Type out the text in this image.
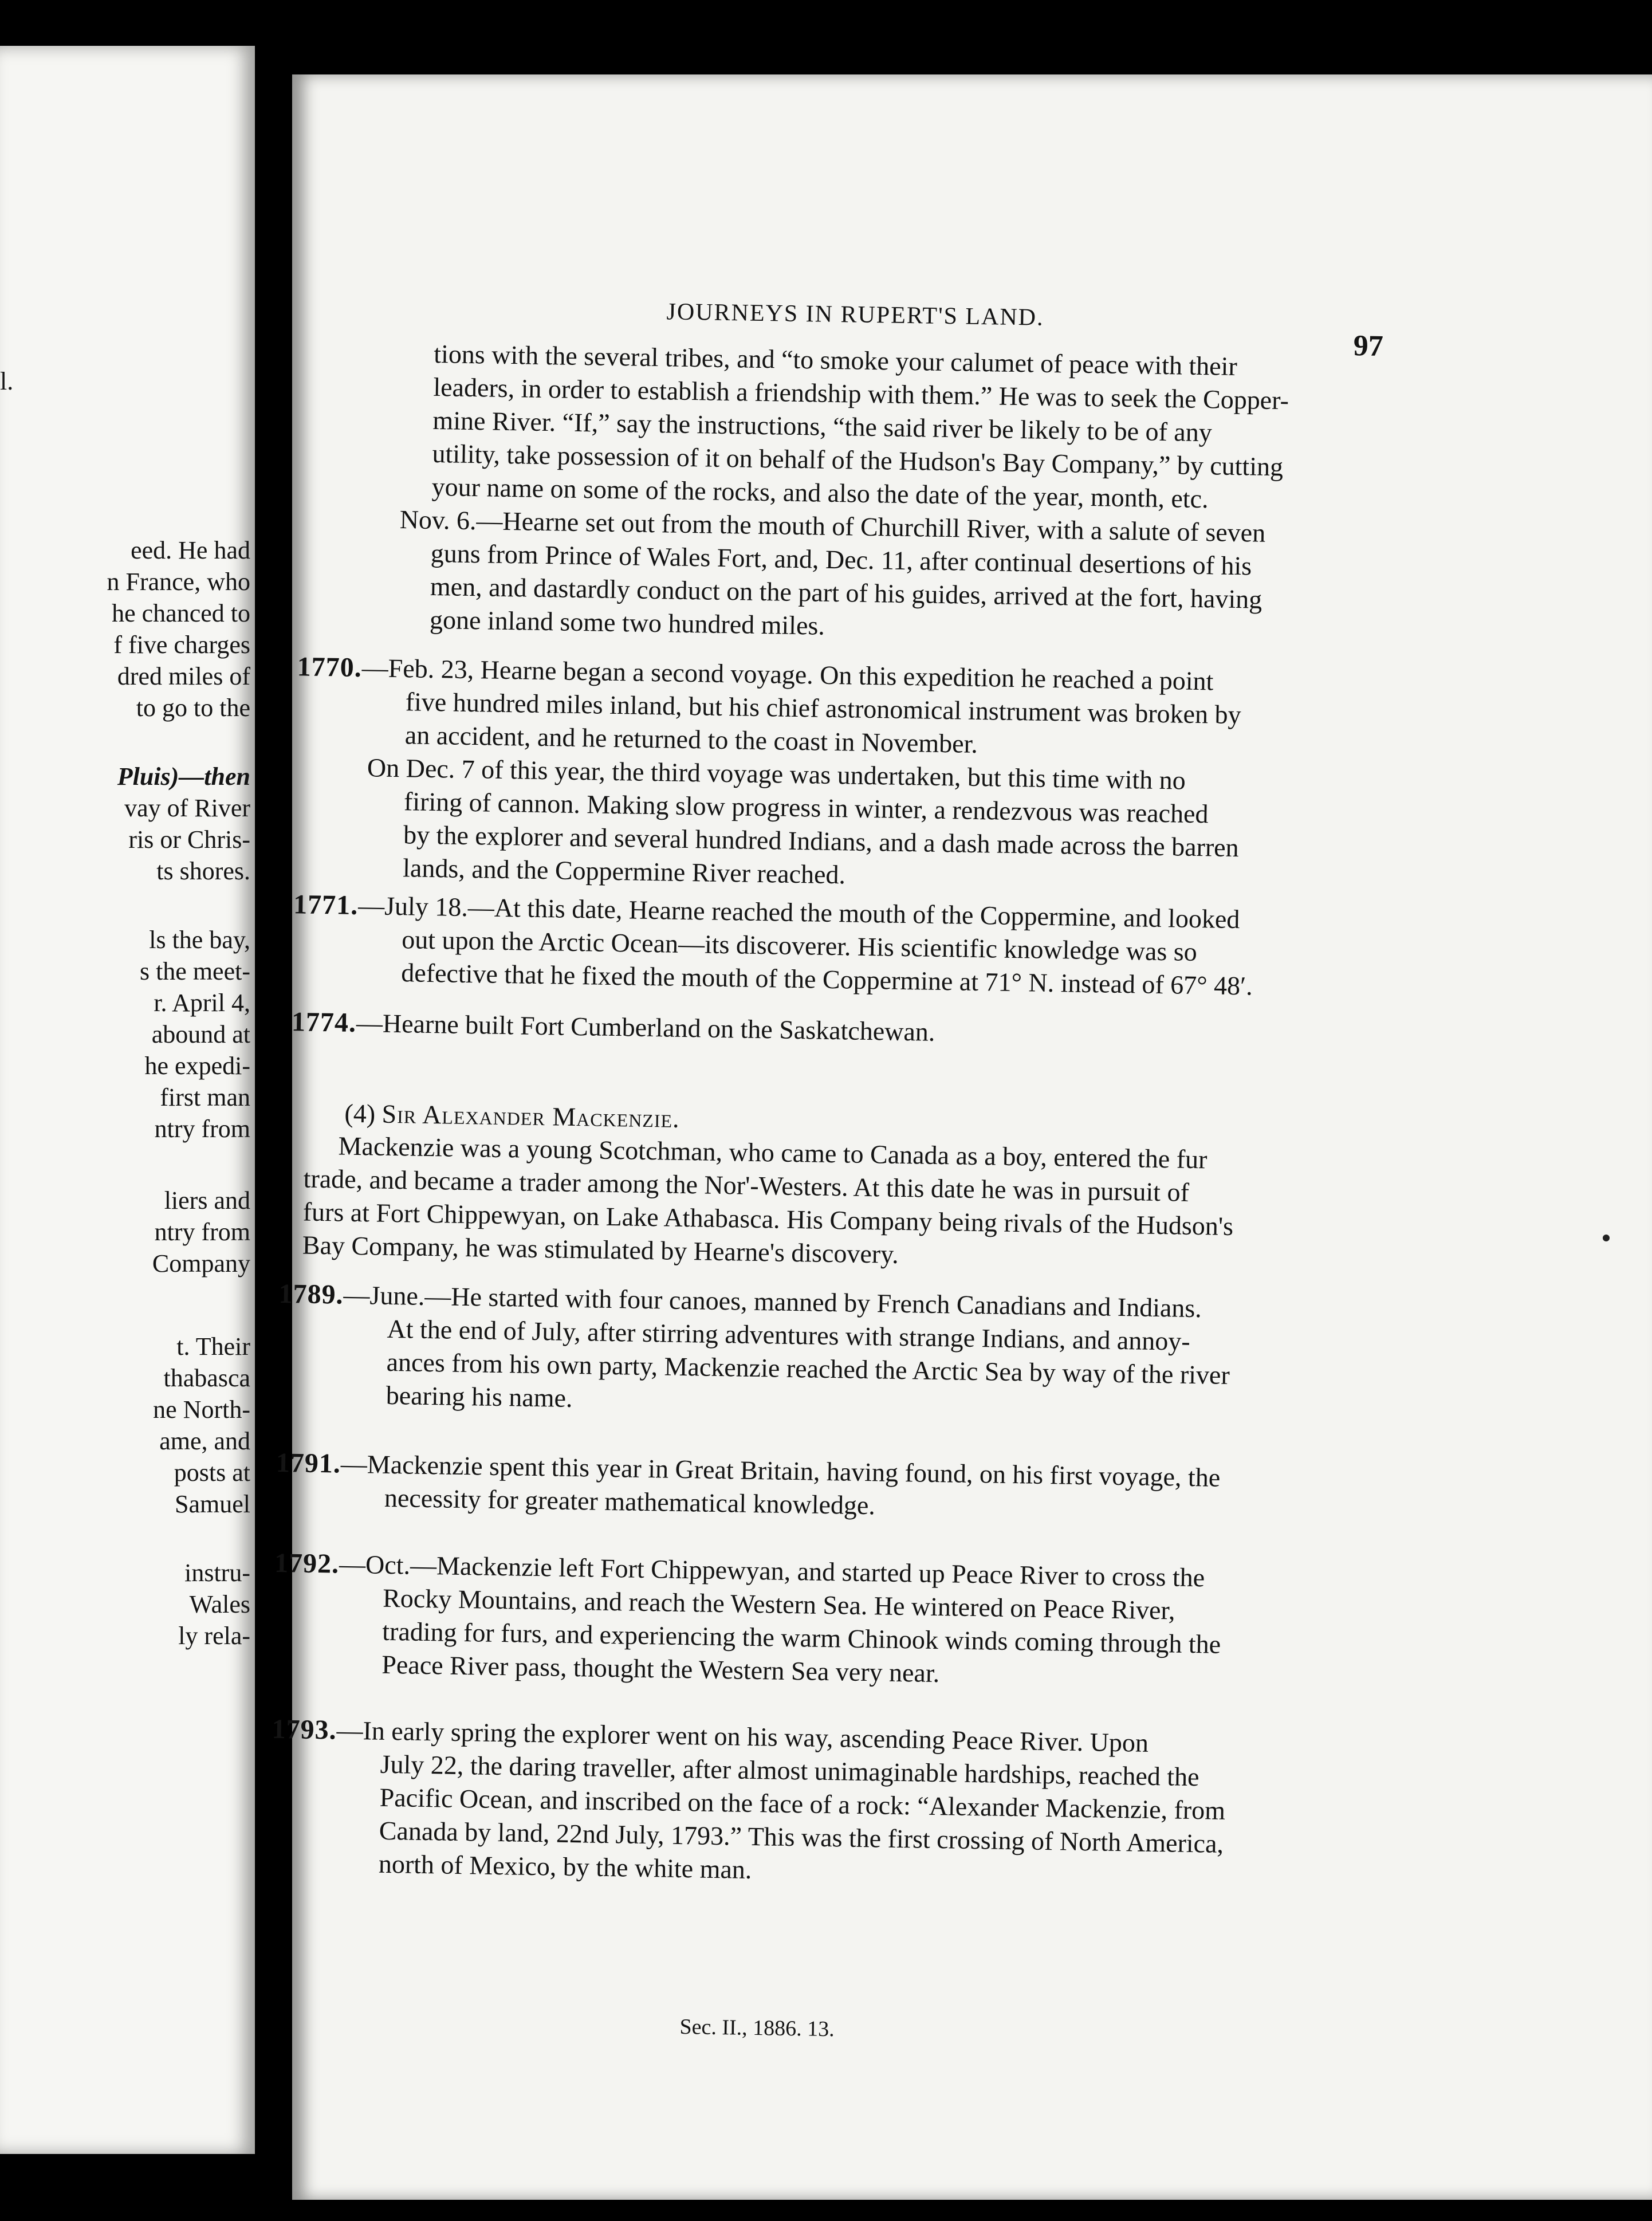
l.
eed. He had
n France, who
he chanced to
f five charges
dred miles of
to go to the
Pluis)—then
vay of River
ris or Chris-
ts shores.
ls the bay,
s the meet-
r. April 4,
abound at
he expedi-
first man
ntry from
liers and
ntry from
Company
t. Their
thabasca
ne North-
ame, and
posts at
Samuel
instru-
Wales
ly rela-
JOURNEYS IN RUPERT'S LAND.
97
tions with the several tribes, and “to smoke your calumet of peace with their
leaders, in order to establish a friendship with them.” He was to seek the Copper-
mine River. “If,” say the instructions, “the said river be likely to be of any
utility, take possession of it on behalf of the Hudson's Bay Company,” by cutting
your name on some of the rocks, and also the date of the year, month, etc.
Nov. 6.—Hearne set out from the mouth of Churchill River, with a salute of seven
guns from Prince of Wales Fort, and, Dec. 11, after continual desertions of his
men, and dastardly conduct on the part of his guides, arrived at the fort, having
gone inland some two hundred miles.
1770.—Feb. 23, Hearne began a second voyage. On this expedition he reached a point
five hundred miles inland, but his chief astronomical instrument was broken by
an accident, and he returned to the coast in November.
On Dec. 7 of this year, the third voyage was undertaken, but this time with no
firing of cannon. Making slow progress in winter, a rendezvous was reached
by the explorer and several hundred Indians, and a dash made across the barren
lands, and the Coppermine River reached.
1771.—July 18.—At this date, Hearne reached the mouth of the Coppermine, and looked
out upon the Arctic Ocean—its discoverer. His scientific knowledge was so
defective that he fixed the mouth of the Coppermine at 71° N. instead of 67° 48′.
1774.—Hearne built Fort Cumberland on the Saskatchewan.
Mackenzie was a young Scotchman, who came to Canada as a boy, entered the fur
trade, and became a trader among the Nor'-Westers. At this date he was in pursuit of
furs at Fort Chippewyan, on Lake Athabasca. His Company being rivals of the Hudson's
Bay Company, he was stimulated by Hearne's discovery.
1789.—June.—He started with four canoes, manned by French Canadians and Indians.
At the end of July, after stirring adventures with strange Indians, and annoy-
ances from his own party, Mackenzie reached the Arctic Sea by way of the river
bearing his name.
1791.—Mackenzie spent this year in Great Britain, having found, on his first voyage, the
necessity for greater mathematical knowledge.
1792.—Oct.—Mackenzie left Fort Chippewyan, and started up Peace River to cross the
Rocky Mountains, and reach the Western Sea. He wintered on Peace River,
trading for furs, and experiencing the warm Chinook winds coming through the
Peace River pass, thought the Western Sea very near.
1793.—In early spring the explorer went on his way, ascending Peace River. Upon
July 22, the daring traveller, after almost unimaginable hardships, reached the
Pacific Ocean, and inscribed on the face of a rock: “Alexander Mackenzie, from
Canada by land, 22nd July, 1793.” This was the first crossing of North America,
north of Mexico, by the white man.
(4) Sir Alexander Mackenzie.
Sec. II., 1886. 13.
